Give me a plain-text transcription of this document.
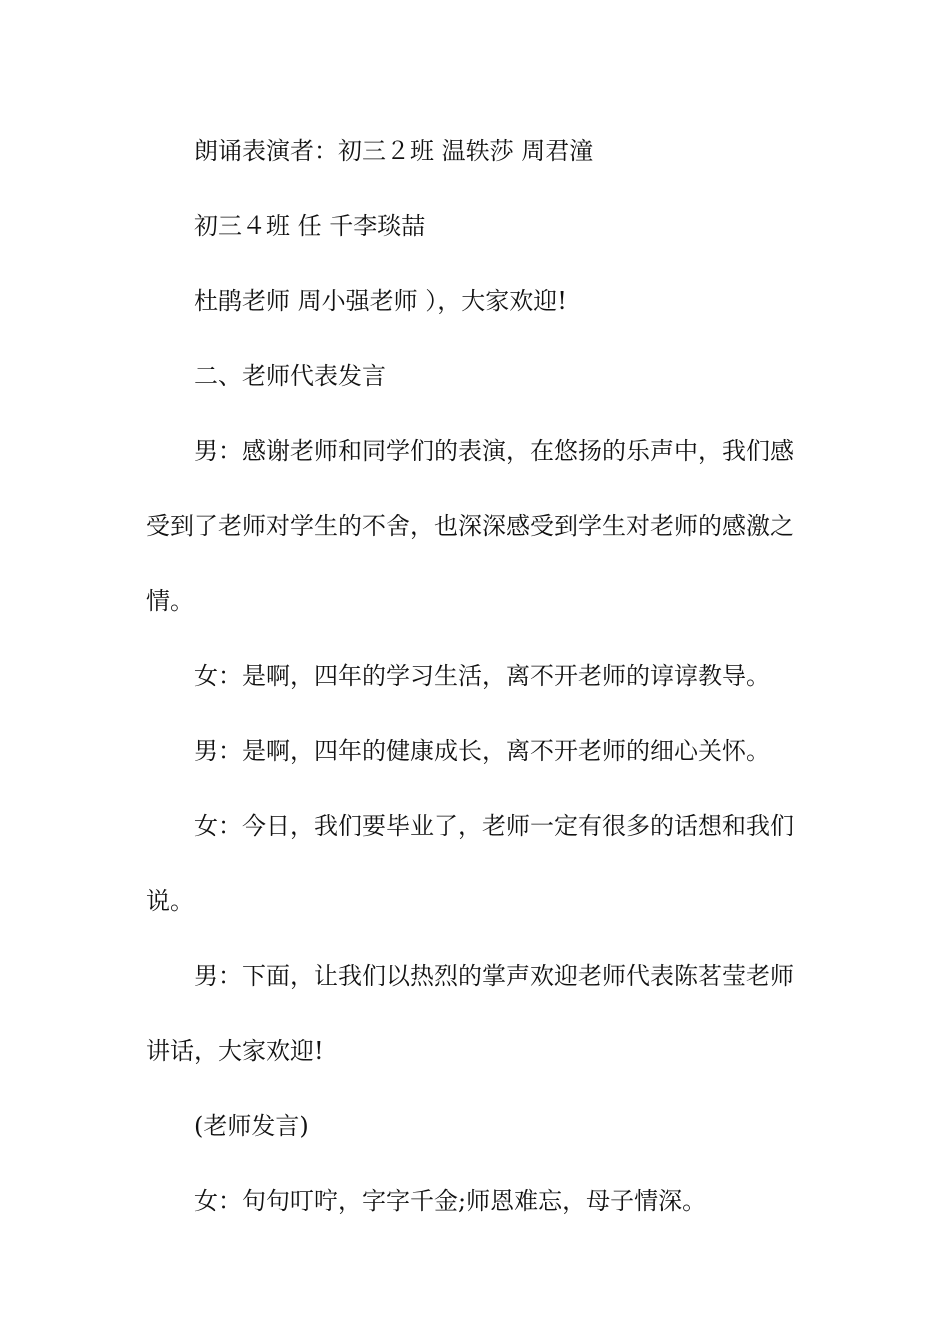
朗诵表演者：初三２班 温轶莎 周君潼
初三４班 任 千李琰喆
杜鹃老师 周小强老师 ），大家欢迎!
二、老师代表发言
男：感谢老师和同学们的表演，在悠扬的乐声中，我们感
受到了老师对学生的不舍，也深深感受到学生对老师的感激之
情。
女：是啊，四年的学习生活，离不开老师的谆谆教导。
男：是啊，四年的健康成长，离不开老师的细心关怀。
女：今日，我们要毕业了，老师一定有很多的话想和我们
说。
男：下面，让我们以热烈的掌声欢迎老师代表陈茗莹老师
讲话，大家欢迎!
(老师发言)
女：句句叮咛，字字千金;师恩难忘，母子情深。
